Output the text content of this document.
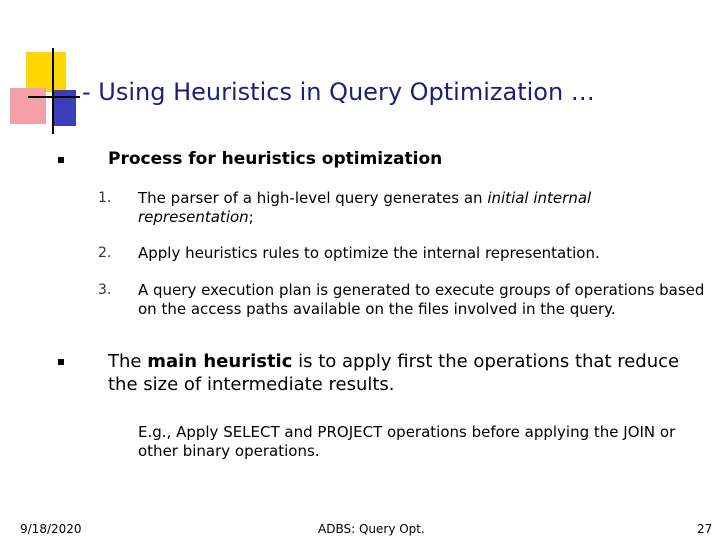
- Using Heuristics in Query Optimization …
Process for heuristics optimization
1. The parser of a high-level query generates an initial internal representation;
2. Apply heuristics rules to optimize the internal representation.
3. A query execution plan is generated to execute groups of operations based on the access paths available on the files involved in the query.
The main heuristic is to apply first the operations that reduce the size of intermediate results.
E.g., Apply SELECT and PROJECT operations before applying the JOIN or other binary operations.
9/18/2020	ADBS: Query Opt.	27
